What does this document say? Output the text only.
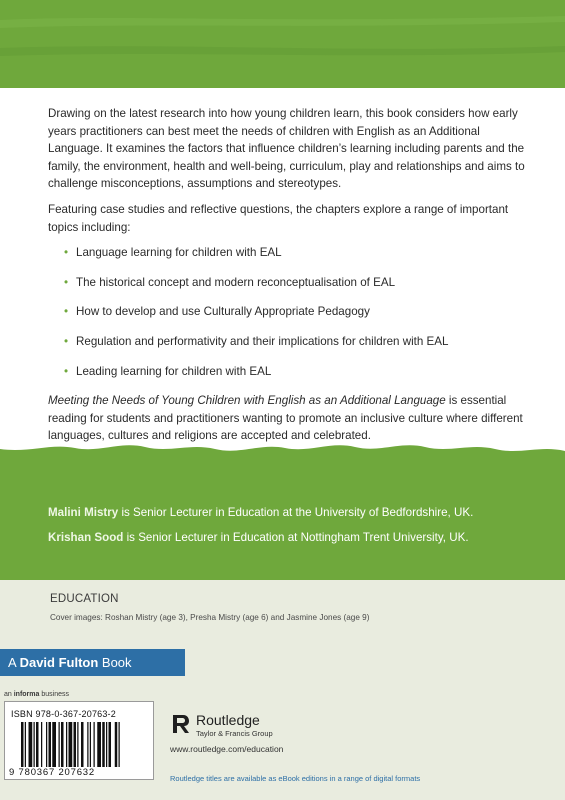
Drawing on the latest research into how young children learn, this book considers how early years practitioners can best meet the needs of children with English as an Additional Language. It examines the factors that influence children’s learning including parents and the family, the environment, health and well-being, curriculum, play and relationships and aims to challenge misconceptions, assumptions and stereotypes.

Featuring case studies and reflective questions, the chapters explore a range of important topics including:

• Language learning for children with EAL
• The historical concept and modern reconceptualisation of EAL
• How to develop and use Culturally Appropriate Pedagogy
• Regulation and performativity and their implications for children with EAL
• Leading learning for children with EAL

Meeting the Needs of Young Children with English as an Additional Language is essential reading for students and practitioners wanting to promote an inclusive culture where different languages, cultures and religions are accepted and celebrated.

Malini Mistry is Senior Lecturer in Education at the University of Bedfordshire, UK.
Krishan Sood is Senior Lecturer in Education at Nottingham Trent University, UK.
EDUCATION
Cover images: Roshan Mistry (age 3), Presha Mistry (age 6) and Jasmine Jones (age 9)
A David Fulton Book
an informa business
ISBN 978-0-367-20763-2
9 780367 207632
Routledge
Taylor & Francis Group
www.routledge.com/education
Routledge titles are available as eBook editions in a range of digital formats
